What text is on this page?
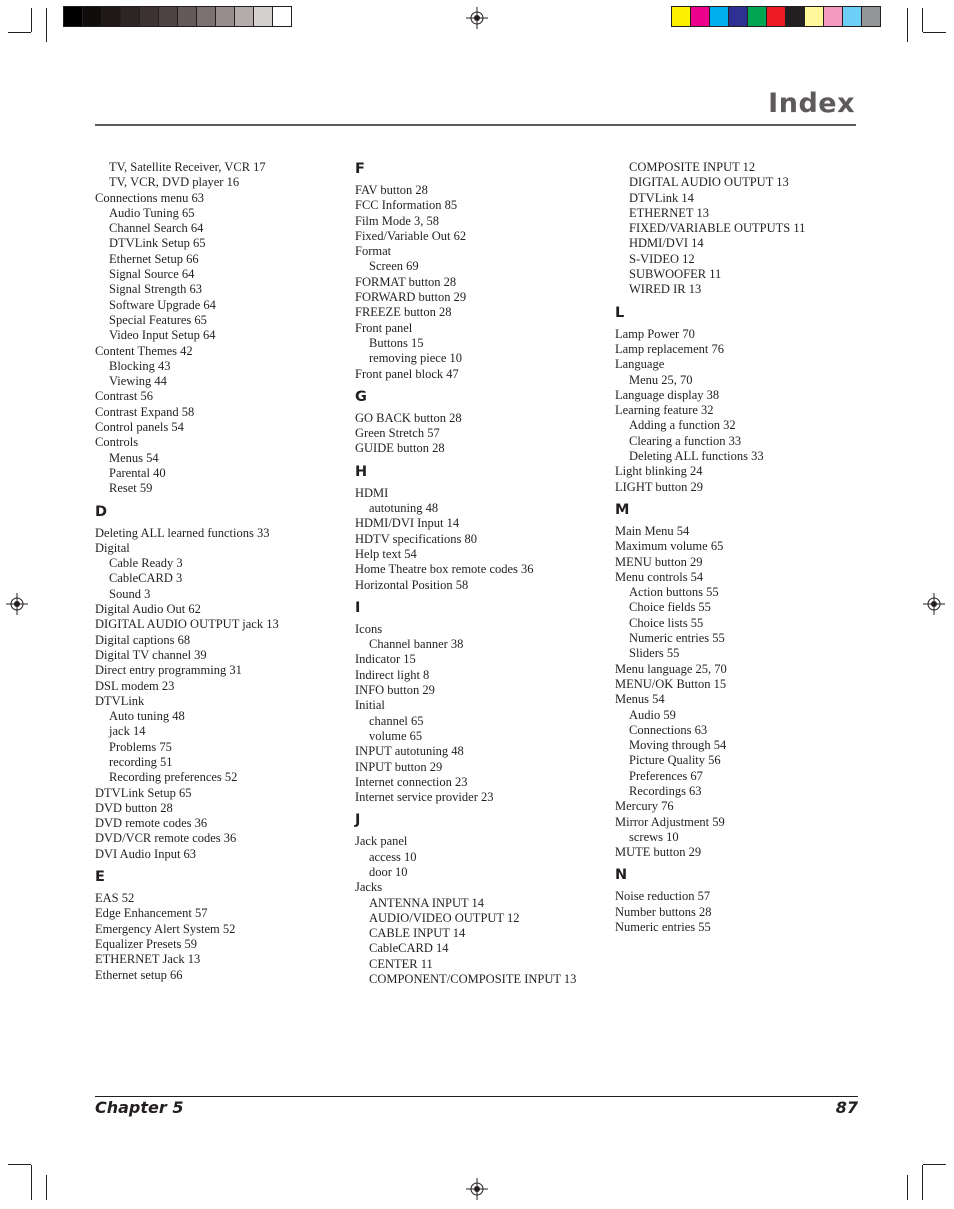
Index
TV, Satellite Receiver, VCR 17
TV, VCR, DVD player 16
Connections menu 63
Audio Tuning 65
Channel Search 64
DTVLink Setup 65
Ethernet Setup 66
Signal Source 64
Signal Strength 63
Software Upgrade 64
Special Features 65
Video Input Setup 64
Content Themes 42
Blocking 43
Viewing 44
Contrast 56
Contrast Expand 58
Control panels 54
Controls
Menus 54
Parental 40
Reset 59
D
Deleting ALL learned functions 33
Digital
Cable Ready 3
CableCARD 3
Sound 3
Digital Audio Out 62
DIGITAL AUDIO OUTPUT jack 13
Digital captions 68
Digital TV channel 39
Direct entry programming 31
DSL modem 23
DTVLink
Auto tuning 48
jack 14
Problems 75
recording 51
Recording preferences 52
DTVLink Setup 65
DVD button 28
DVD remote codes 36
DVD/VCR remote codes 36
DVI Audio Input 63
E
EAS 52
Edge Enhancement 57
Emergency Alert System 52
Equalizer Presets 59
ETHERNET Jack 13
Ethernet setup 66
F
FAV button 28
FCC Information 85
Film Mode 3, 58
Fixed/Variable Out 62
Format
Screen 69
FORMAT button 28
FORWARD button 29
FREEZE button 28
Front panel
Buttons 15
removing piece 10
Front panel block 47
G
GO BACK button 28
Green Stretch 57
GUIDE button 28
H
HDMI
autotuning 48
HDMI/DVI Input 14
HDTV specifications 80
Help text 54
Home Theatre box remote codes 36
Horizontal Position 58
I
Icons
Channel banner 38
Indicator 15
Indirect light 8
INFO button 29
Initial
channel 65
volume 65
INPUT autotuning 48
INPUT button 29
Internet connection 23
Internet service provider 23
J
Jack panel
access 10
door 10
Jacks
ANTENNA INPUT 14
AUDIO/VIDEO OUTPUT 12
CABLE INPUT 14
CableCARD 14
CENTER 11
COMPONENT/COMPOSITE INPUT 13
COMPOSITE INPUT 12
DIGITAL AUDIO OUTPUT 13
DTVLink 14
ETHERNET 13
FIXED/VARIABLE OUTPUTS 11
HDMI/DVI 14
S-VIDEO 12
SUBWOOFER 11
WIRED IR 13
L
Lamp Power 70
Lamp replacement 76
Language
Menu 25, 70
Language display 38
Learning feature 32
Adding a function 32
Clearing a function 33
Deleting ALL functions 33
Light blinking 24
LIGHT button 29
M
Main Menu 54
Maximum volume 65
MENU button 29
Menu controls 54
Action buttons 55
Choice fields 55
Choice lists 55
Numeric entries 55
Sliders 55
Menu language 25, 70
MENU/OK Button 15
Menus 54
Audio 59
Connections 63
Moving through 54
Picture Quality 56
Preferences 67
Recordings 63
Mercury 76
Mirror Adjustment 59
screws 10
MUTE button 29
N
Noise reduction 57
Number buttons 28
Numeric entries 55
Chapter 5	87
